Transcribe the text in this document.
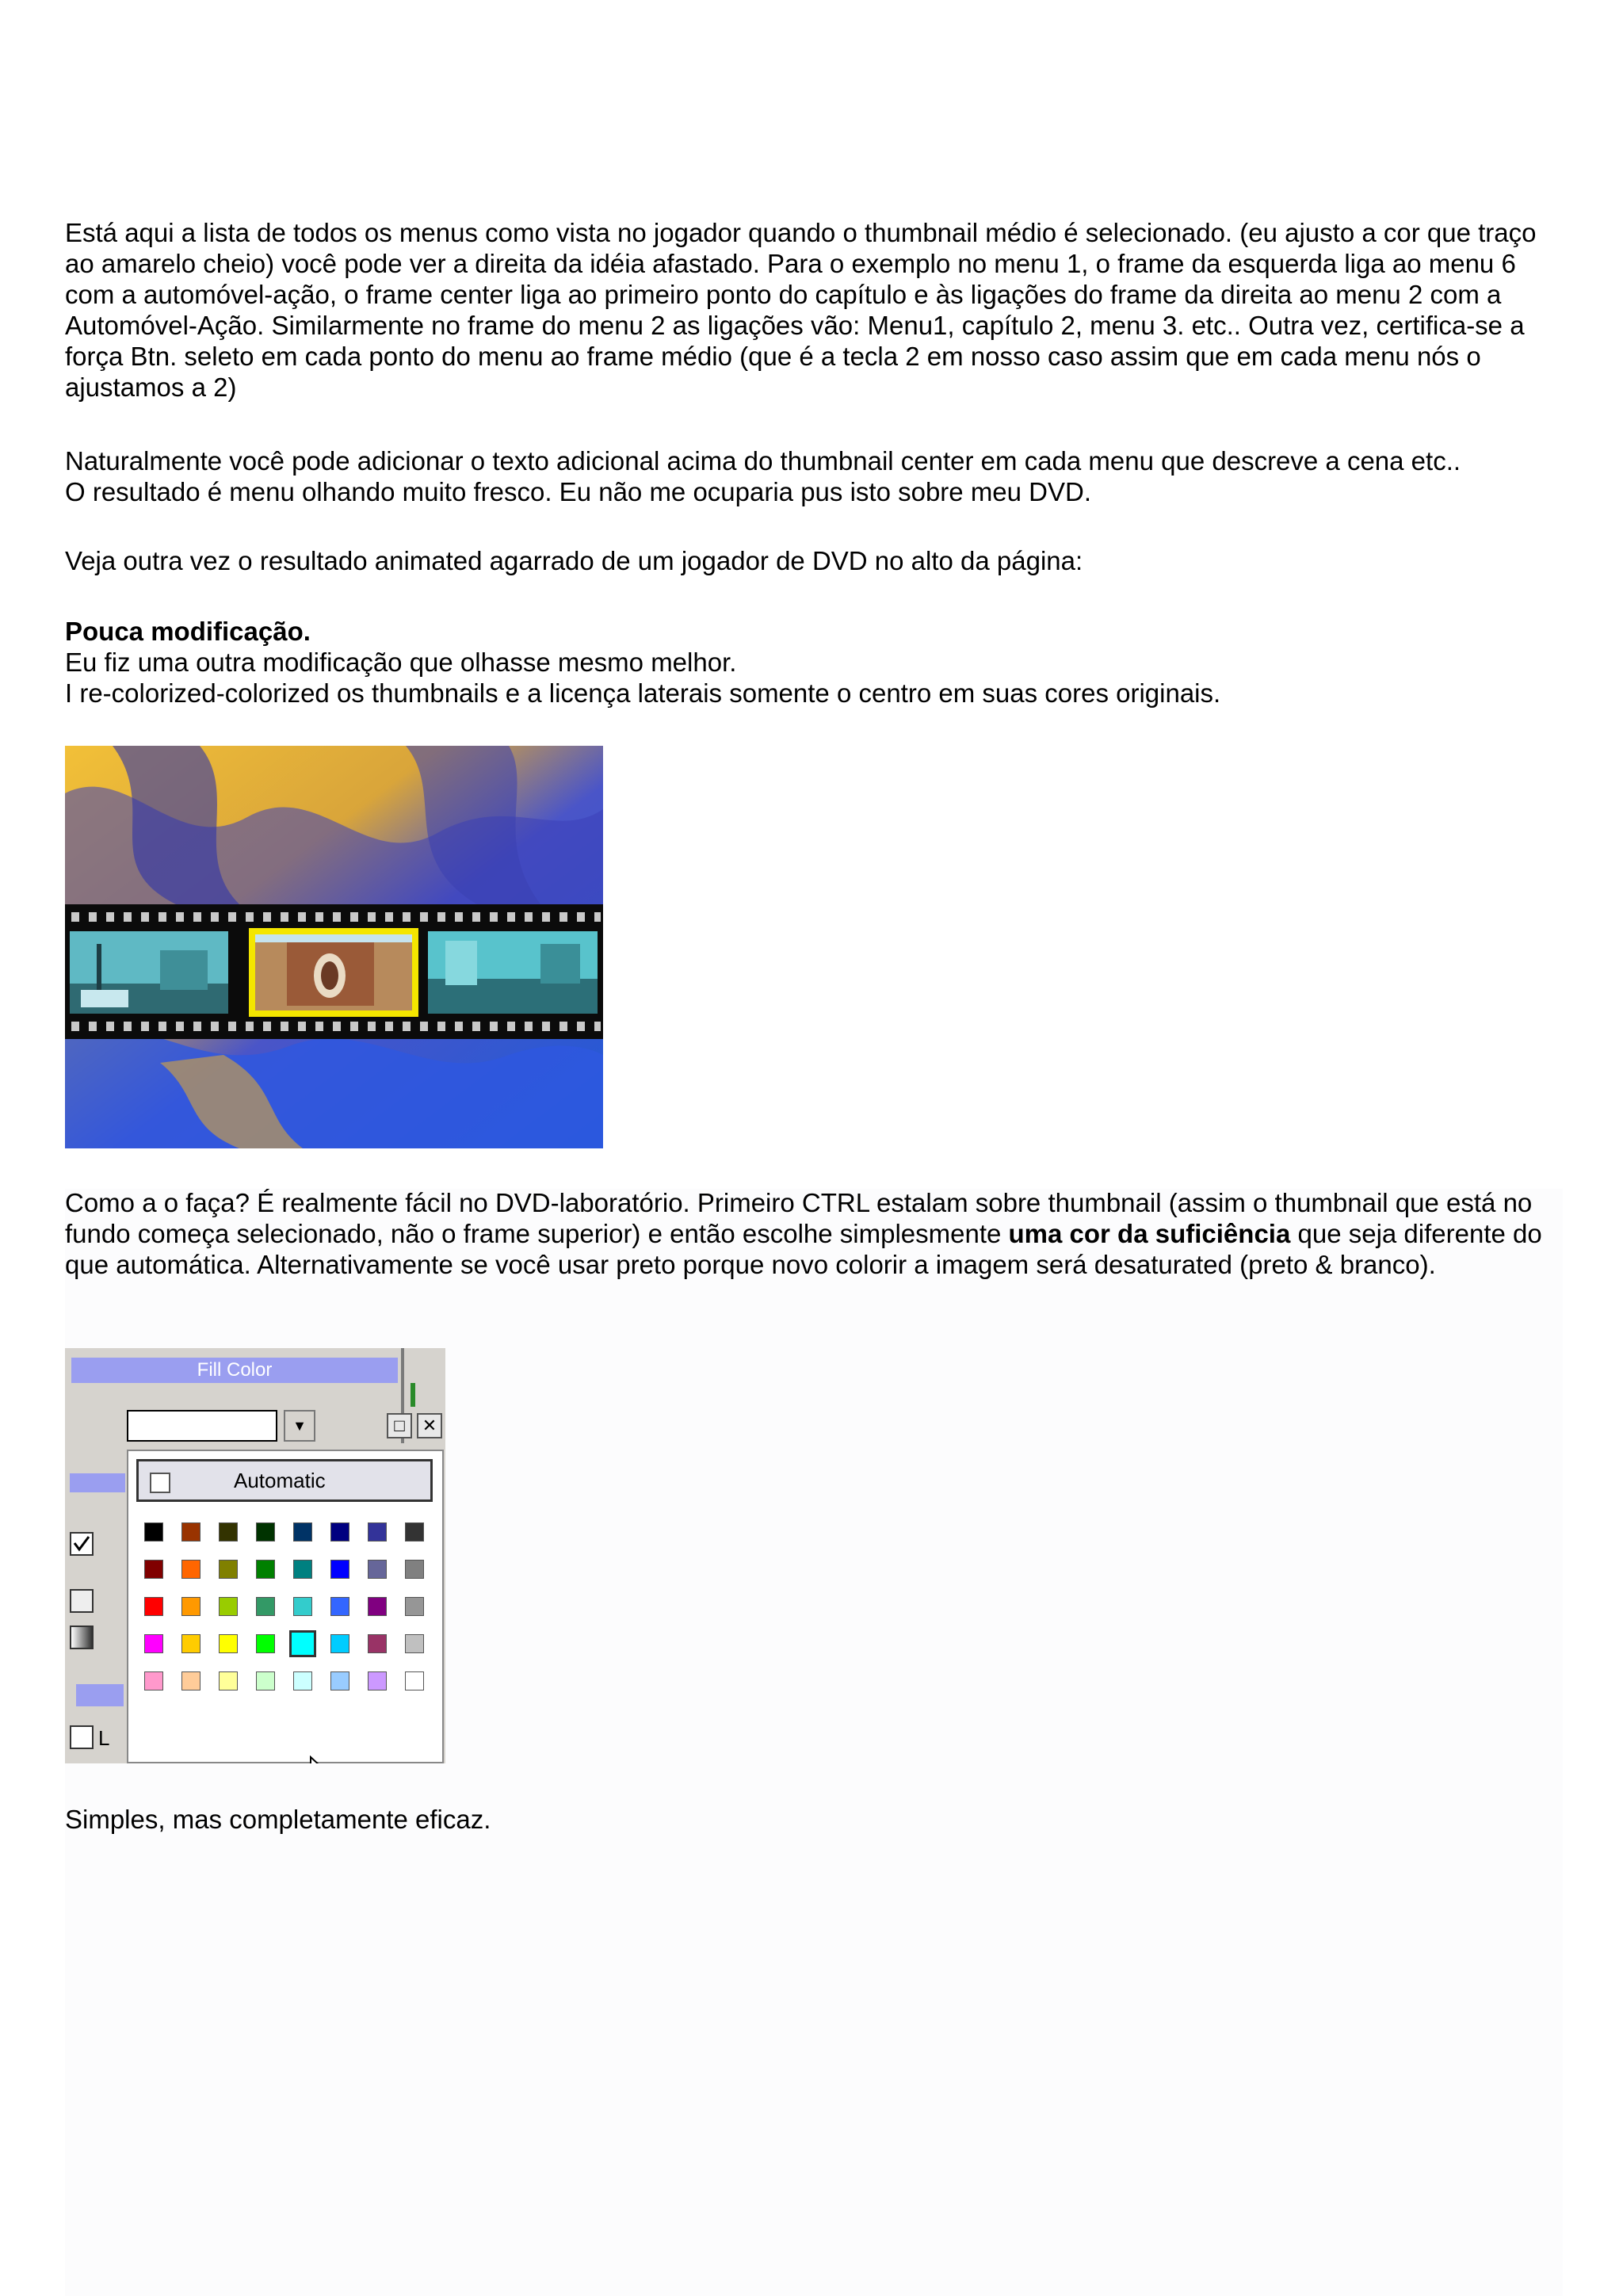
Está aqui a lista de todos os menus como vista no jogador quando o thumbnail médio é selecionado. (eu ajusto a cor que traço ao amarelo cheio) você pode ver a direita da idéia afastado. Para o exemplo no menu 1, o frame da esquerda liga ao menu 6 com a automóvel-ação, o frame center liga ao primeiro ponto do capítulo e às ligações do frame da direita ao menu 2 com a Automóvel-Ação. Similarmente no frame do menu 2 as ligações vão: Menu1, capítulo 2, menu 3. etc.. Outra vez, certifica-se a força Btn. seleto em cada ponto do menu ao frame médio (que é a tecla 2 em nosso caso assim que em cada menu nós o ajustamos a 2)

Naturalmente você pode adicionar o texto adicional acima do thumbnail center em cada menu que descreve a cena etc..
O resultado é menu olhando muito fresco. Eu não me ocuparia pus isto sobre meu DVD.

Veja outra vez o resultado animated agarrado de um jogador de DVD no alto da página:

Pouca modificação.
Eu fiz uma outra modificação que olhasse mesmo melhor.
I re-colorized-colorized os thumbnails e a licença laterais somente o centro em suas cores originais.

Como a o faça? É realmente fácil no DVD-laboratório. Primeiro CTRL estalam sobre thumbnail (assim o thumbnail que está no fundo começa selecionado, não o frame superior) e então escolhe simplesmente uma cor da suficiência que seja diferente do que automática. Alternativamente se você usar preto porque novo colorir a imagem será desaturated (preto & branco).

Fill Color
▼	□	✕
L
Automatic

Simples, mas completamente eficaz.
